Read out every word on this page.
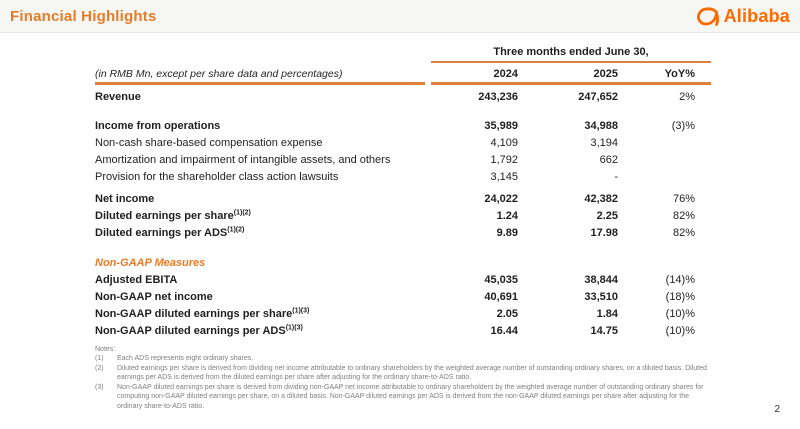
Financial Highlights	Alibaba
Three months ended June 30,
(in RMB Mn, except per share data and percentages)	2024	2025	YoY%
Revenue	243,236	247,652	2%
Income from operations	35,989	34,988	(3)%
Non-cash share-based compensation expense	4,109	3,194
Amortization and impairment of intangible assets, and others	1,792	662
Provision for the shareholder class action lawsuits	3,145	-
Net income	24,022	42,382	76%
Diluted earnings per share$^{(1)(2)}$	1.24	2.25	82%
Diluted earnings per $ADS^{(1)(2)}$	9.89	17.98	82%
Non-GAAP Measures
Adjusted EBITA	45,035	38,844	(14)%
Non-GAAP net income	40,691	33,510	(18)%
Non-GAAP diluted earnings per share$^{(1)(3)}$	2.05	1.84	(10)%
Non-GAAP diluted earnings per $ADS^{(1)(3)}$	16.44	14.75	(10)%
Notes:
(1)	Each ADS represents eight ordinary shares.
(2)	Diluted earnings per share is derived from dividing net income attributable to ordinary shareholders by the weighted average number of outstanding ordinary shares, on a diluted basis. Diluted earnings per ADS is derived from the diluted earnings per share after adjusting for the ordinary share-to-ADS ratio.
(3)	Non-GAAP diluted earnings per share is derived from dividing non-GAAP net income attributable to ordinary shareholders by the weighted average number of outstanding ordinary shares for computing non-GAAP diluted earnings per share, on a diluted basis. Non-GAAP diluted earnings per ADS is derived from the non-GAAP diluted earnings per share after adjusting for the ordinary share-to-ADS ratio.	2
